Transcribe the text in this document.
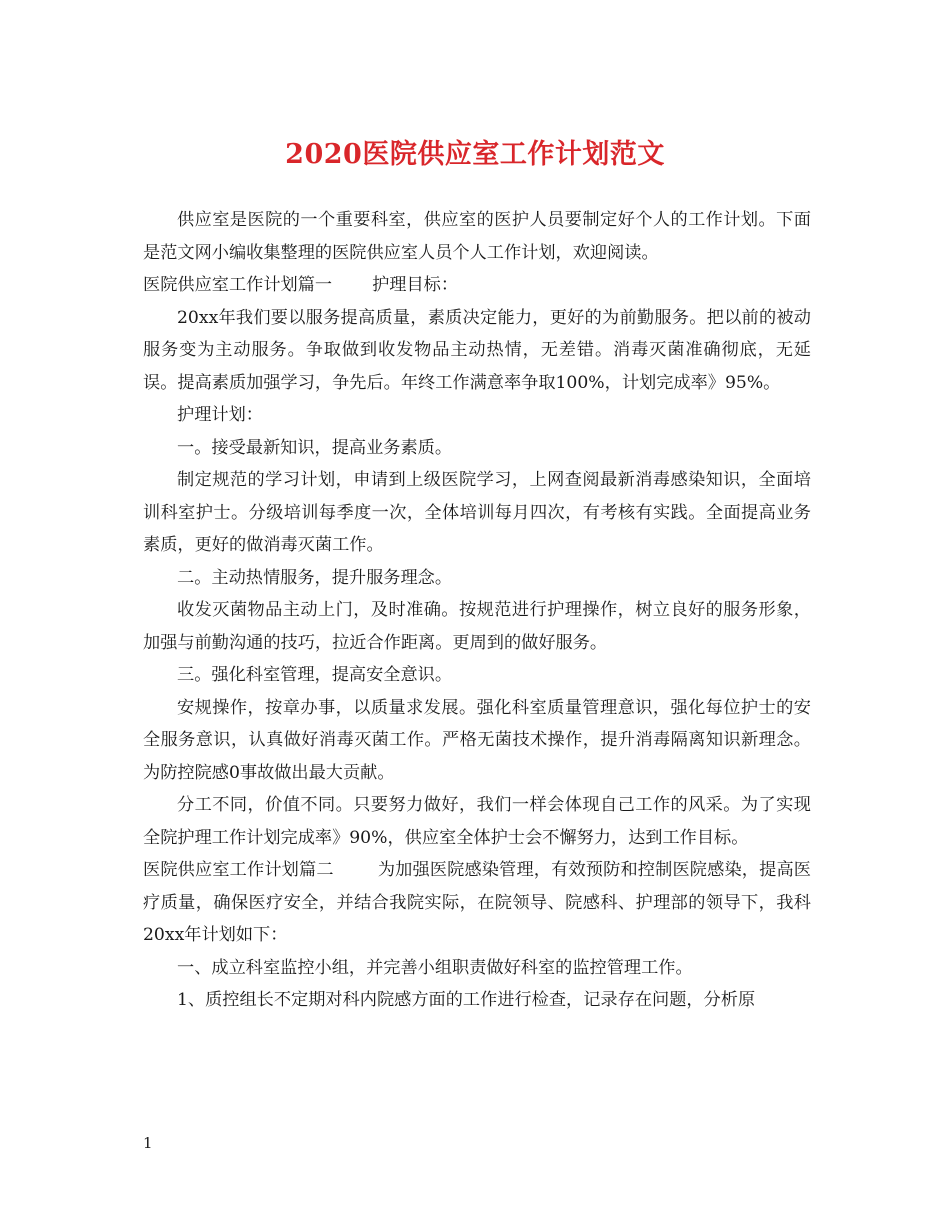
2020医院供应室工作计划范文

供应室是医院的一个重要科室，供应室的医护人员要制定好个人的工作计划。下面是范文网小编收集整理的医院供应室人员个人工作计划，欢迎阅读。

医院供应室工作计划篇一 护理目标：

20xx年我们要以服务提高质量，素质决定能力，更好的为前勤服务。把以前的被动服务变为主动服务。争取做到收发物品主动热情，无差错。消毒灭菌准确彻底，无延误。提高素质加强学习，争先后。年终工作满意率争取100%，计划完成率》95%。

护理计划：

一。接受最新知识，提高业务素质。

制定规范的学习计划，申请到上级医院学习，上网查阅最新消毒感染知识，全面培训科室护士。分级培训每季度一次，全体培训每月四次，有考核有实践。全面提高业务素质，更好的做消毒灭菌工作。

二。主动热情服务，提升服务理念。

收发灭菌物品主动上门，及时准确。按规范进行护理操作，树立良好的服务形象，加强与前勤沟通的技巧，拉近合作距离。更周到的做好服务。

三。强化科室管理，提高安全意识。

安规操作，按章办事，以质量求发展。强化科室质量管理意识，强化每位护士的安全服务意识，认真做好消毒灭菌工作。严格无菌技术操作，提升消毒隔离知识新理念。为防控院感0事故做出最大贡献。

分工不同，价值不同。只要努力做好，我们一样会体现自己工作的风采。为了实现全院护理工作计划完成率》90%，供应室全体护士会不懈努力，达到工作目标。

医院供应室工作计划篇二	为加强医院感染管理，有效预防和控制医院感染，提高医疗质量，确保医疗安全，并结合我院实际，在院领导、院感科、护理部的领导下，我科20xx年计划如下：

一、成立科室监控小组，并完善小组职责做好科室的监控管理工作。

1、质控组长不定期对科内院感方面的工作进行检查，记录存在问题，分析原

1
